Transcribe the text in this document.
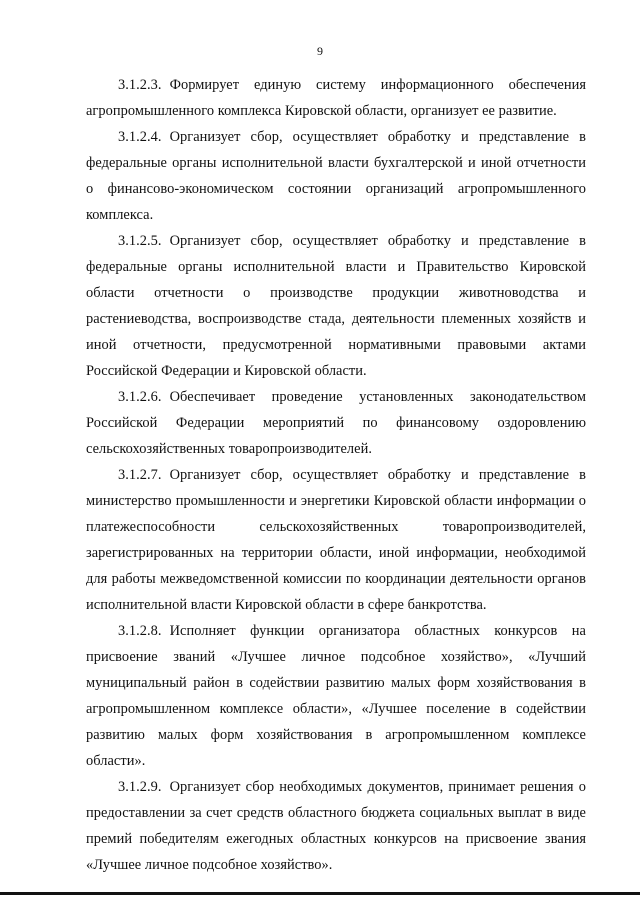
9

3.1.2.3. Формирует единую систему информационного обеспечения агропромышленного комплекса Кировской области, организует ее развитие.

3.1.2.4. Организует сбор, осуществляет обработку и представление в федеральные органы исполнительной власти бухгалтерской и иной отчетности о финансово-экономическом состоянии организаций агропромышленного комплекса.

3.1.2.5. Организует сбор, осуществляет обработку и представление в федеральные органы исполнительной власти и Правительство Кировской области отчетности о производстве продукции животноводства и растениеводства, воспроизводстве стада, деятельности племенных хозяйств и иной отчетности, предусмотренной нормативными правовыми актами Российской Федерации и Кировской области.

3.1.2.6. Обеспечивает проведение установленных законодательством Российской Федерации мероприятий по финансовому оздоровлению сельскохозяйственных товаропроизводителей.

3.1.2.7. Организует сбор, осуществляет обработку и представление в министерство промышленности и энергетики Кировской области информации о платежеспособности сельскохозяйственных товаропроизводителей, зарегистрированных на территории области, иной информации, необходимой для работы межведомственной комиссии по координации деятельности органов исполнительной власти Кировской области в сфере банкротства.

3.1.2.8. Исполняет функции организатора областных конкурсов на присвоение званий «Лучшее личное подсобное хозяйство», «Лучший муниципальный район в содействии развитию малых форм хозяйствования в агропромышленном комплексе области», «Лучшее поселение в содействии развитию малых форм хозяйствования в агропромышленном комплексе области».

3.1.2.9. Организует сбор необходимых документов, принимает решения о предоставлении за счет средств областного бюджета социальных выплат в виде премий победителям ежегодных областных конкурсов на присвоение звания «Лучшее личное подсобное хозяйство».
